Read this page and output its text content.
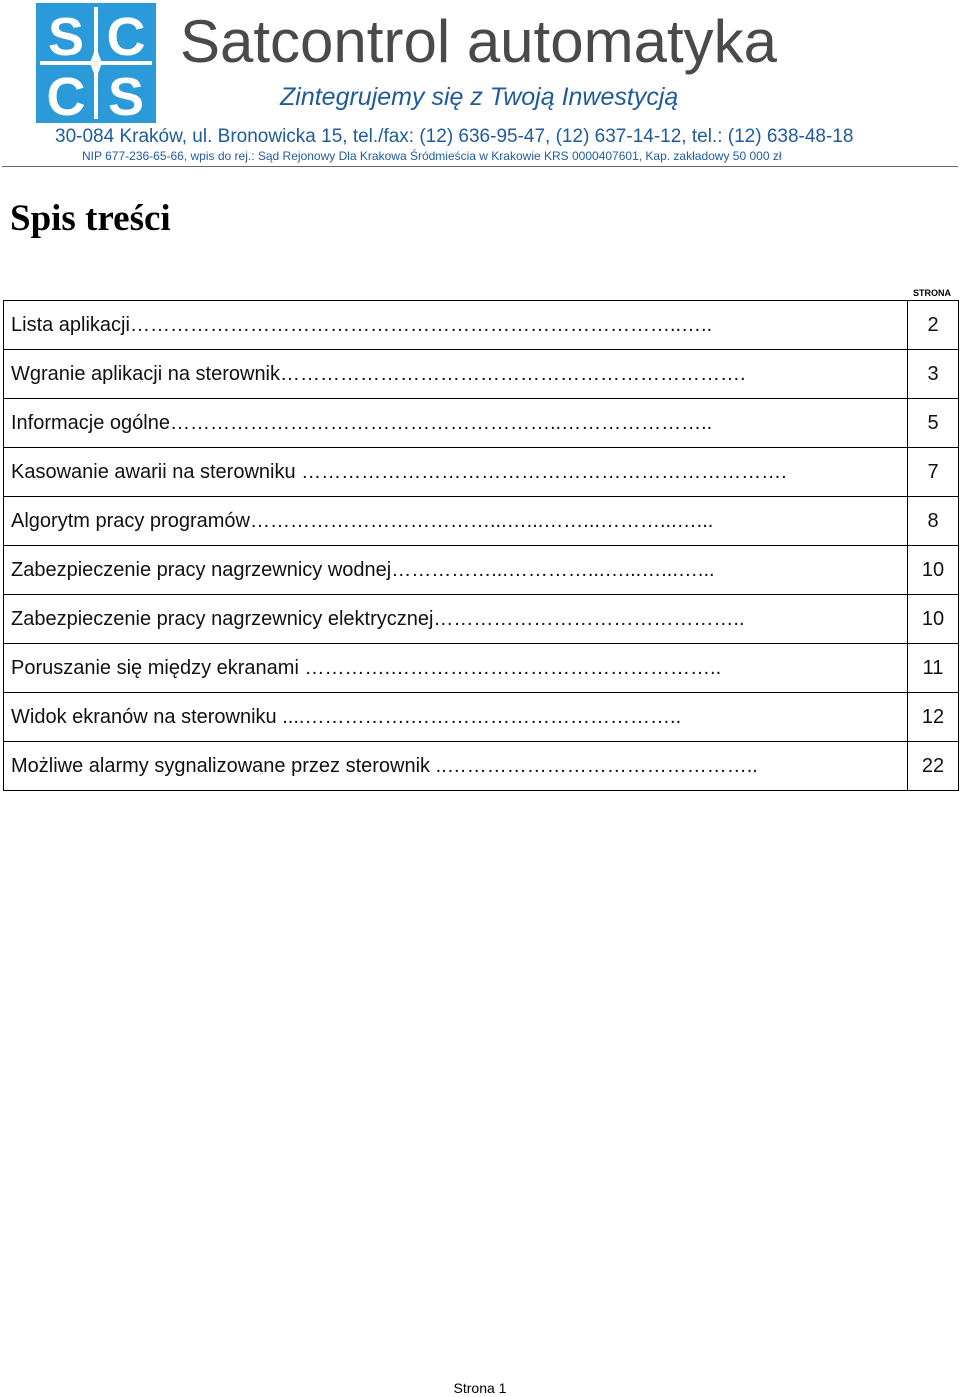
S C
C S
Satcontrol automatyka
Zintegrujemy się z Twoją Inwestycją
30-084 Kraków, ul. Bronowicka 15, tel./fax: (12) 636-95-47, (12) 637-14-12, tel.: (12) 638-48-18
NIP 677-236-65-66, wpis do rej.: Sąd Rejonowy Dla Krakowa Śródmieścia w Krakowie KRS 0000407601, Kap. zakładowy 50 000 zł
Spis treści
STRONA
Lista aplikacji………………………………………………………………………..…..	2
Wgranie aplikacji na sterownik…………………………………………………………….	3
Informacje ogólne…………………………………………………..…………………..	5
Kasowanie awarii na sterowniku ……………………………………………………………….	7
Algorytm pracy programów………………………………...…...……...………...…...	8
Zabezpieczenie pracy nagrzewnicy wodnej……………...…………...…...…...…...	10
Zabezpieczenie pracy nagrzewnicy elektrycznej………………………………………..	10
Poruszanie się między ekranami ………….…………………………………………..	11
Widok ekranów na sterowniku ....…………….…………………………………..	12
Możliwe alarmy sygnalizowane przez sterownik ..………………………………………..	22
Strona 1
